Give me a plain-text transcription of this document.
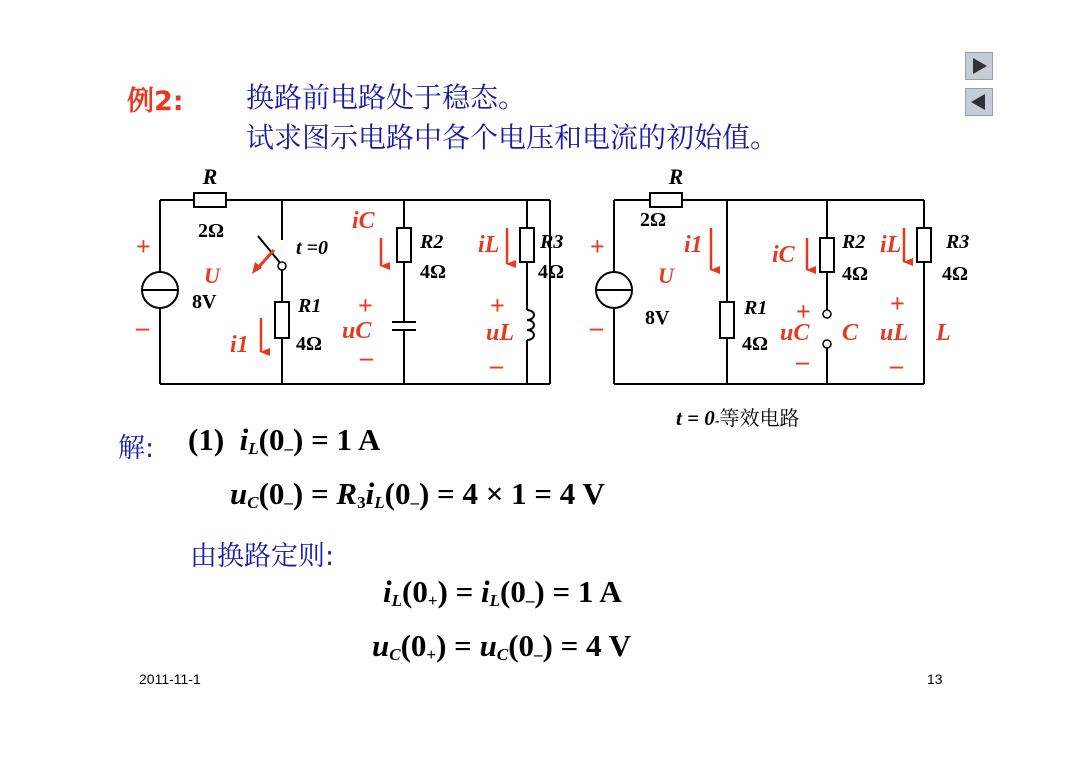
例2: 换路前电路处于稳态。
试求图示电路中各个电压和电流的初始值。
R
2Ω
+
–
U
8V
t =0
iC
R2
4Ω
iL R3
4Ω
R1
4Ω
i1
+
uC
–
+
uL
–
R
2Ω
+
–
U
8V
i1	iC R2
4Ω
iL R3
4Ω
R1
4Ω
+
uC C
–
+
uL L
–
t = 0-等效电路
解: (1) $i_L(0_-) = 1$ A
$u_C(0_-) = R_3i_L(0_-) = 4 \times 1 = 4$ V
由换路定则:
$i_L(0_+) = i_L(0_-) = 1$ A
$u_C(0_+) = u_C(0_-) = 4$ V
2011-11-1	13
